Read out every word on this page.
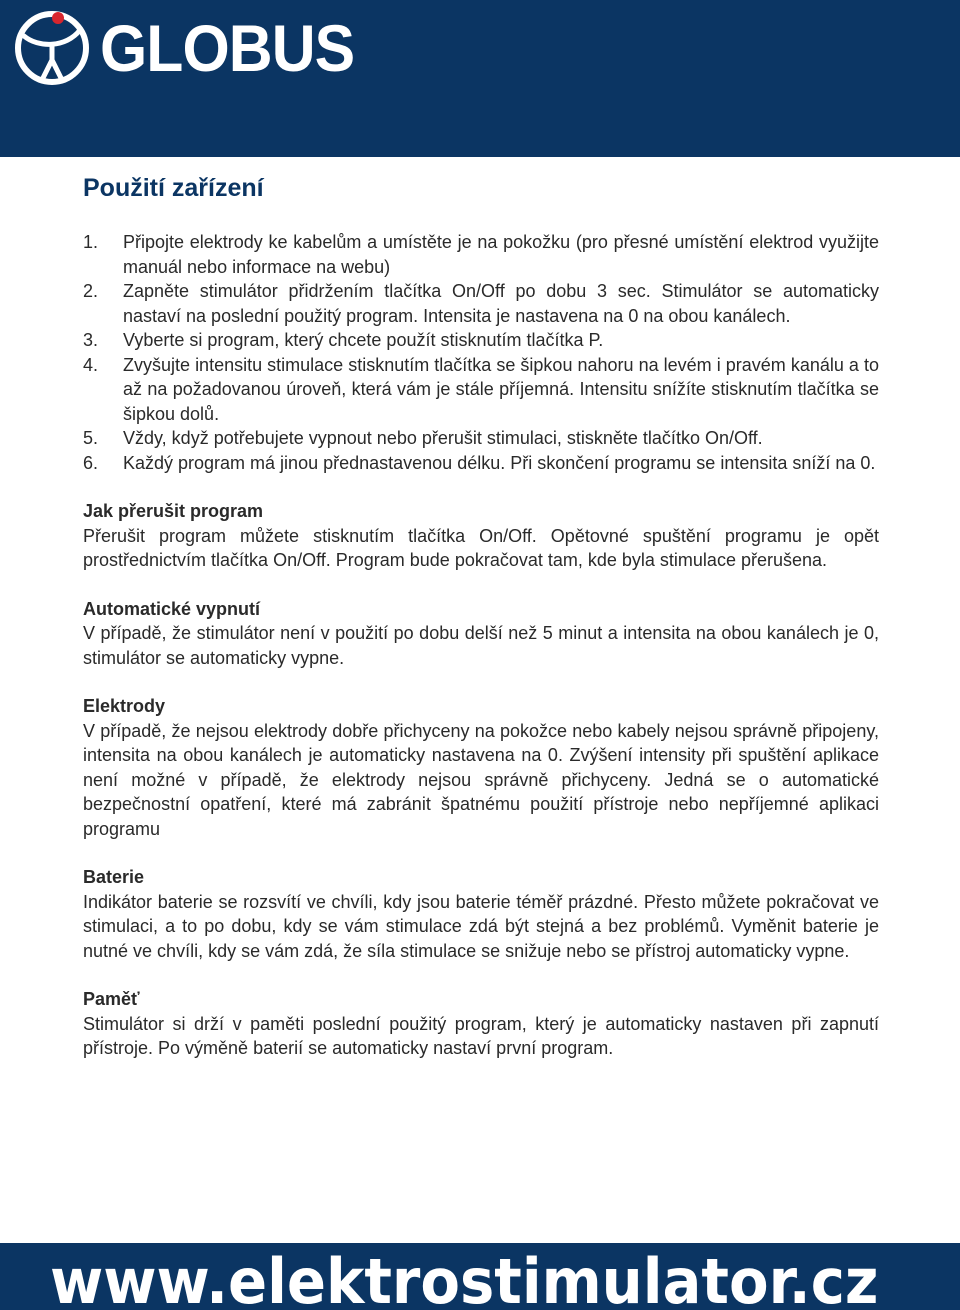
GLOBUS
Použití zařízení
1. Připojte elektrody ke kabelům a umístěte je na pokožku (pro přesné umístění elektrod využijte manuál nebo informace na webu)
2. Zapněte stimulátor přidržením tlačítka On/Off po dobu 3 sec. Stimulátor se automaticky nastaví na poslední použitý program. Intensita je nastavena na 0 na obou kanálech.
3. Vyberte si program, který chcete použít stisknutím tlačítka P.
4. Zvyšujte intensitu stimulace stisknutím tlačítka se šipkou nahoru na levém i pravém kanálu a to až na požadovanou úroveň, která vám je stále příjemná. Intensitu snížíte stisknutím tlačítka se šipkou dolů.
5. Vždy, když potřebujete vypnout nebo přerušit stimulaci, stiskněte tlačítko On/Off.
6. Každý program má jinou přednastavenou délku. Při skončení programu se intensita sníží na 0.
Jak přerušit program

Přerušit program můžete stisknutím tlačítka On/Off. Opětovné spuštění programu je opět prostřednictvím tlačítka On/Off. Program bude pokračovat tam, kde byla stimulace přerušena.

Automatické vypnutí

V případě, že stimulátor není v použití po dobu delší než 5 minut a intensita na obou kanálech je 0, stimulátor se automaticky vypne.

Elektrody

V případě, že nejsou elektrody dobře přichyceny na pokožce nebo kabely nejsou správně připojeny, intensita na obou kanálech je automaticky nastavena na 0. Zvýšení intensity při spuštění aplikace není možné v případě, že elektrody nejsou správně přichyceny. Jedná se o automatické bezpečnostní opatření, které má zabránit špatnému použití přístroje nebo nepříjemné aplikaci programu

Baterie

Indikátor baterie se rozsvítí ve chvíli, kdy jsou baterie téměř prázdné. Přesto můžete pokračovat ve stimulaci, a to po dobu, kdy se vám stimulace zdá být stejná a bez problémů. Vyměnit baterie je nutné ve chvíli, kdy se vám zdá, že síla stimulace se snižuje nebo se přístroj automaticky vypne.

Paměť

Stimulátor si drží v paměti poslední použitý program, který je automaticky nastaven při zapnutí přístroje. Po výměně baterií se automaticky nastaví první program.

www.elektrostimulator.cz
